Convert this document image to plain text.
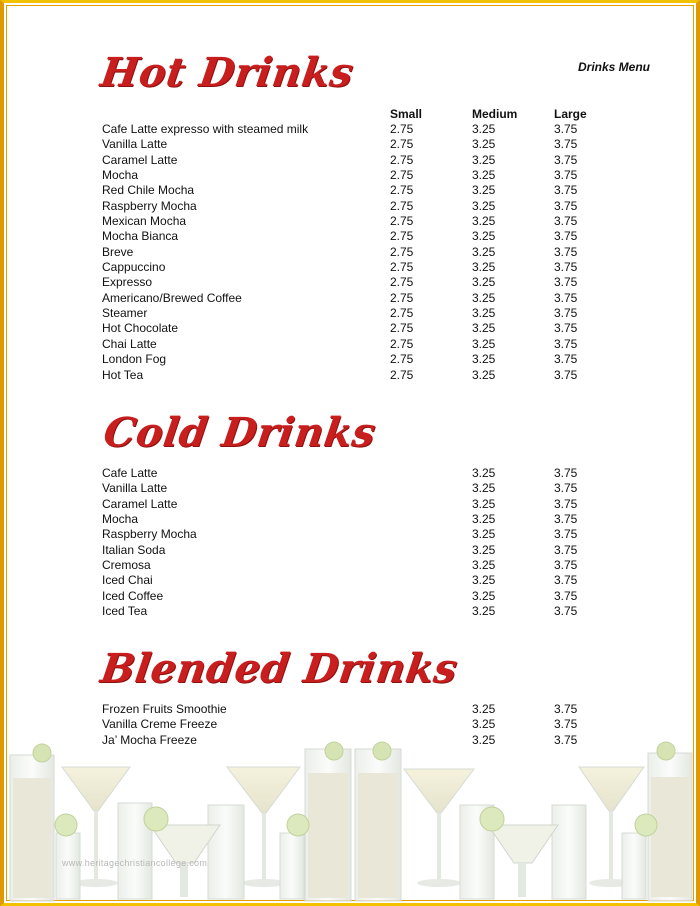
Hot Drinks	Drinks Menu
Small	Medium	Large
Cafe Latte expresso with steamed milk	2.75	3.25	3.75
Vanilla Latte	2.75	3.25	3.75
Caramel Latte	2.75	3.25	3.75
Mocha	2.75	3.25	3.75
Red Chile Mocha	2.75	3.25	3.75
Raspberry Mocha	2.75	3.25	3.75
Mexican Mocha	2.75	3.25	3.75
Mocha Bianca	2.75	3.25	3.75
Breve	2.75	3.25	3.75
Cappuccino	2.75	3.25	3.75
Expresso	2.75	3.25	3.75
Americano/Brewed Coffee	2.75	3.25	3.75
Steamer	2.75	3.25	3.75
Hot Chocolate	2.75	3.25	3.75
Chai Latte	2.75	3.25	3.75
London Fog	2.75	3.25	3.75
Hot Tea	2.75	3.25	3.75
Cold Drinks
Cafe Latte	3.25	3.75
Vanilla Latte	3.25	3.75
Caramel Latte	3.25	3.75
Mocha	3.25	3.75
Raspberry Mocha	3.25	3.75
Italian Soda	3.25	3.75
Cremosa	3.25	3.75
Iced Chai	3.25	3.75
Iced Coffee	3.25	3.75
Iced Tea	3.25	3.75
Blended Drinks
Frozen Fruits Smoothie	3.25	3.75
Vanilla Creme Freeze	3.25	3.75
Ja’ Mocha Freeze	3.25	3.75
www.heritagechristiancollege.com
